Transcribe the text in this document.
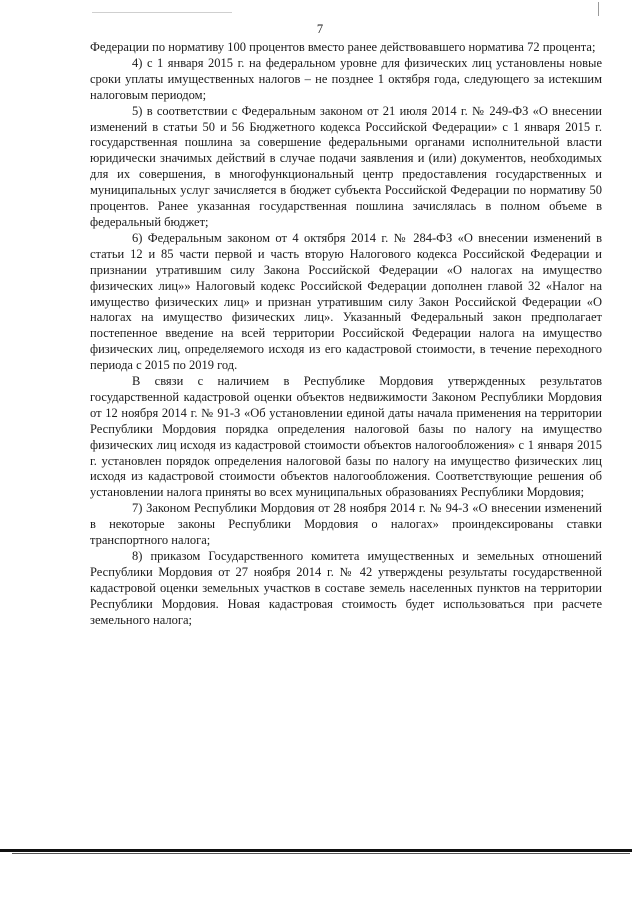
7

Федерации по нормативу 100 процентов вместо ранее действовавшего норматива 72 процента;

4) с 1 января 2015 г. на федеральном уровне для физических лиц установлены новые сроки уплаты имущественных налогов – не позднее 1 октября года, следующего за истекшим налоговым периодом;

5) в соответствии с Федеральным законом от 21 июля 2014 г. № 249-ФЗ «О внесении изменений в статьи 50 и 56 Бюджетного кодекса Российской Федерации» с 1 января 2015 г. государственная пошлина за совершение федеральными органами исполнительной власти юридически значимых действий в случае подачи заявления и (или) документов, необходимых для их совершения, в многофункциональный центр предоставления государственных и муниципальных услуг зачисляется в бюджет субъекта Российской Федерации по нормативу 50 процентов. Ранее указанная государственная пошлина зачислялась в полном объеме в федеральный бюджет;

6) Федеральным законом от 4 октября 2014 г. № 284-ФЗ «О внесении изменений в статьи 12 и 85 части первой и часть вторую Налогового кодекса Российской Федерации и признании утратившим силу Закона Российской Федерации «О налогах на имущество физических лиц»» Налоговый кодекс Российской Федерации дополнен главой 32 «Налог на имущество физических лиц» и признан утратившим силу Закон Российской Федерации «О налогах на имущество физических лиц». Указанный Федеральный закон предполагает постепенное введение на всей территории Российской Федерации налога на имущество физических лиц, определяемого исходя из его кадастровой стоимости, в течение переходного периода с 2015 по 2019 год.

В связи с наличием в Республике Мордовия утвержденных результатов государственной кадастровой оценки объектов недвижимости Законом Республики Мордовия от 12 ноября 2014 г. № 91-З «Об установлении единой даты начала применения на территории Республики Мордовия порядка определения налоговой базы по налогу на имущество физических лиц исходя из кадастровой стоимости объектов налогообложения» с 1 января 2015 г. установлен порядок определения налоговой базы по налогу на имущество физических лиц исходя из кадастровой стоимости объектов налогообложения. Соответствующие решения об установлении налога приняты во всех муниципальных образованиях Республики Мордовия;

7) Законом Республики Мордовия от 28 ноября 2014 г. № 94-З «О внесении изменений в некоторые законы Республики Мордовия о налогах» проиндексированы ставки транспортного налога;

8) приказом Государственного комитета имущественных и земельных отношений Республики Мордовия от 27 ноября 2014 г. № 42 утверждены результаты государственной кадастровой оценки земельных участков в составе земель населенных пунктов на территории Республики Мордовия. Новая кадастровая стоимость будет использоваться при расчете земельного налога;
